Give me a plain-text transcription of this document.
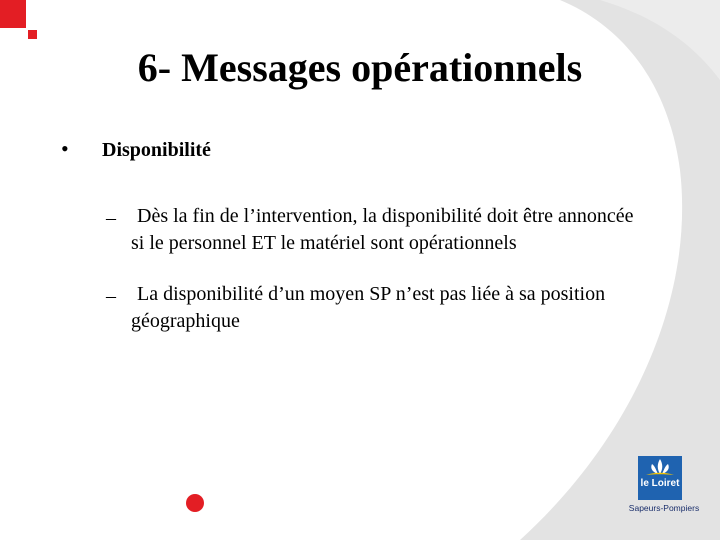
6- Messages opérationnels
• Disponibilité
–	Dès la fin de l’intervention, la disponibilité doit être annoncée
si le personnel ET le matériel sont opérationnels
–	La disponibilité d’un moyen SP n’est pas liée à sa position
géographique
le Loiret
Sapeurs-Pompiers
